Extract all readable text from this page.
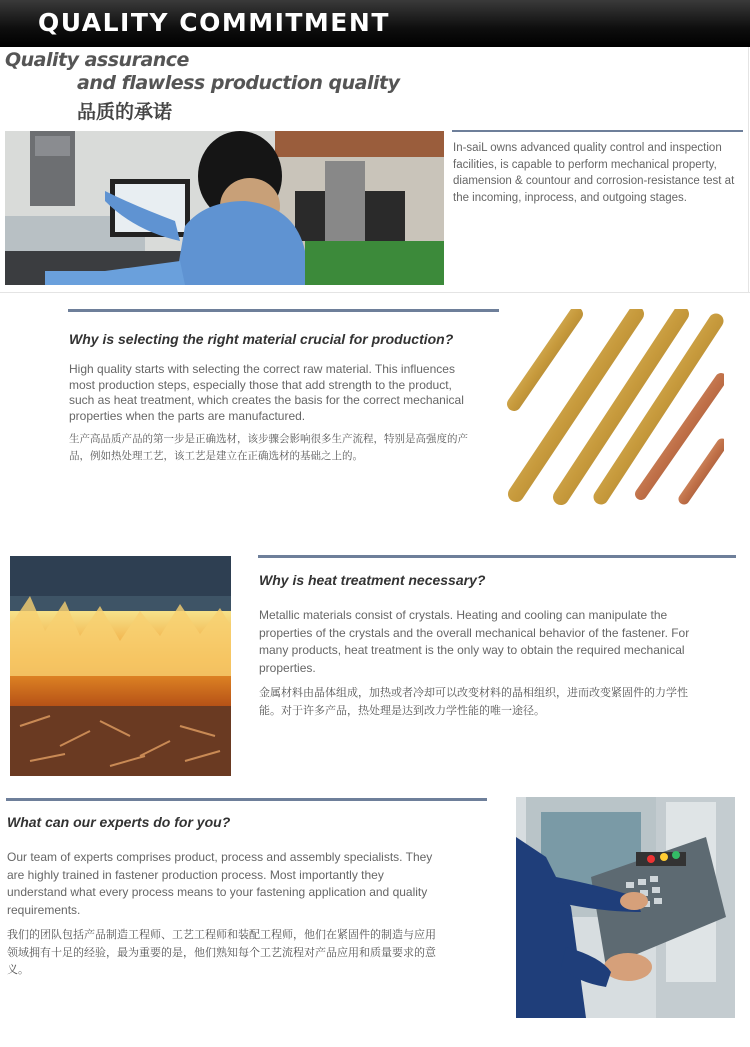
QUALITY COMMITMENT
Quality assurance
and flawless production quality
品质的承诺
In-saiL owns advanced quality control and inspection facilities, is capable to perform mechanical property, diamension & countour and corrosion-resistance test at the incoming, inprocess, and outgoing stages.
Why is selecting the right material crucial for production?
High quality starts with selecting the correct raw material. This influences most production steps, especially those that add strength to the product, such as heat treatment, which creates the basis for the correct mechanical properties when the parts are manufactured.
生产高品质产品的第一步是正确选材，该步骤会影响很多生产流程，特别是高强度的产品，例如热处理工艺，该工艺是建立在正确选材的基础之上的。
Why is heat treatment necessary?
Metallic materials consist of crystals. Heating and cooling can manipulate the properties of the crystals and the overall mechanical behavior of the fastener. For many products, heat treatment is the only way to obtain the required mechanical properties.
金属材料由晶体组成，加热或者冷却可以改变材料的晶相组织，进而改变紧固件的力学性能。对于许多产品，热处理是达到改力学性能的唯一途径。
What can our experts do for you?
Our team of experts comprises product, process and assembly specialists. They are highly trained in fastener production process. Most importantly they understand what every process means to your fastening application and quality requirements.
我们的团队包括产品制造工程师、工艺工程师和装配工程师，他们在紧固件的制造与应用领域拥有十足的经验，最为重要的是，他们熟知每个工艺流程对产品应用和质量要求的意义。
